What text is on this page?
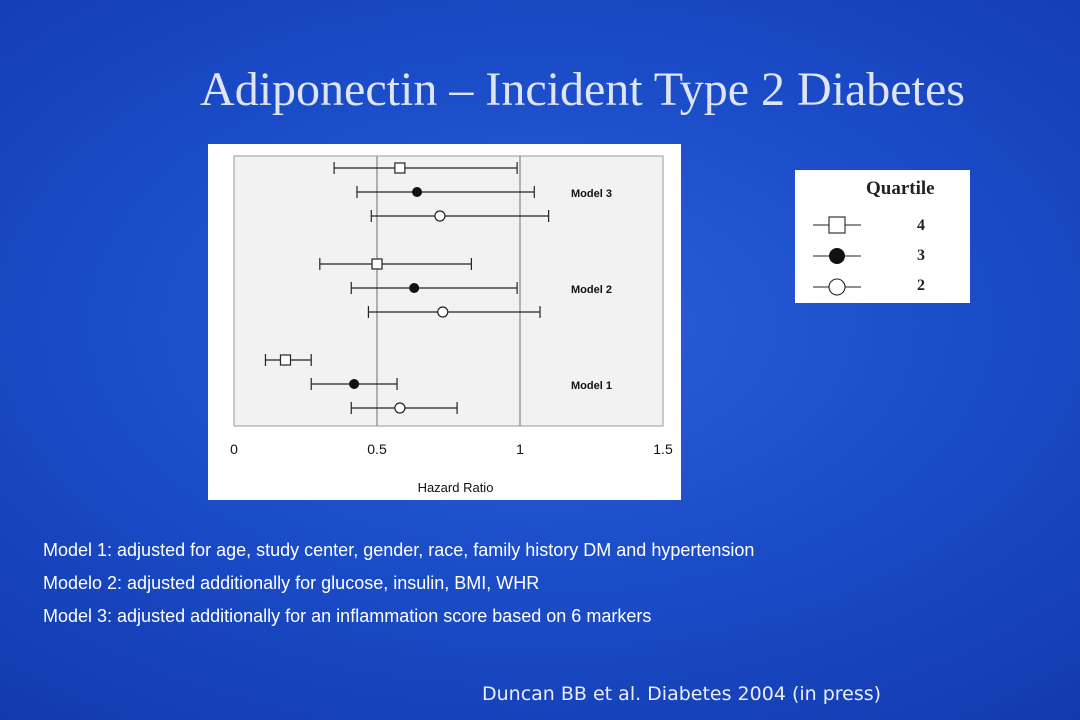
Adiponectin – Incident Type 2 Diabetes
0	0.5	1	1.5
Hazard Ratio
Model 3
Model 2
Model 1
Quartile
4
3
2
Model 1: adjusted for age, study center, gender, race, family history DM and hypertension
Modelo 2: adjusted additionally for glucose, insulin, BMI, WHR
Model 3: adjusted additionally for an inflammation score based on 6 markers
Duncan BB et al. Diabetes 2004 (in press)
